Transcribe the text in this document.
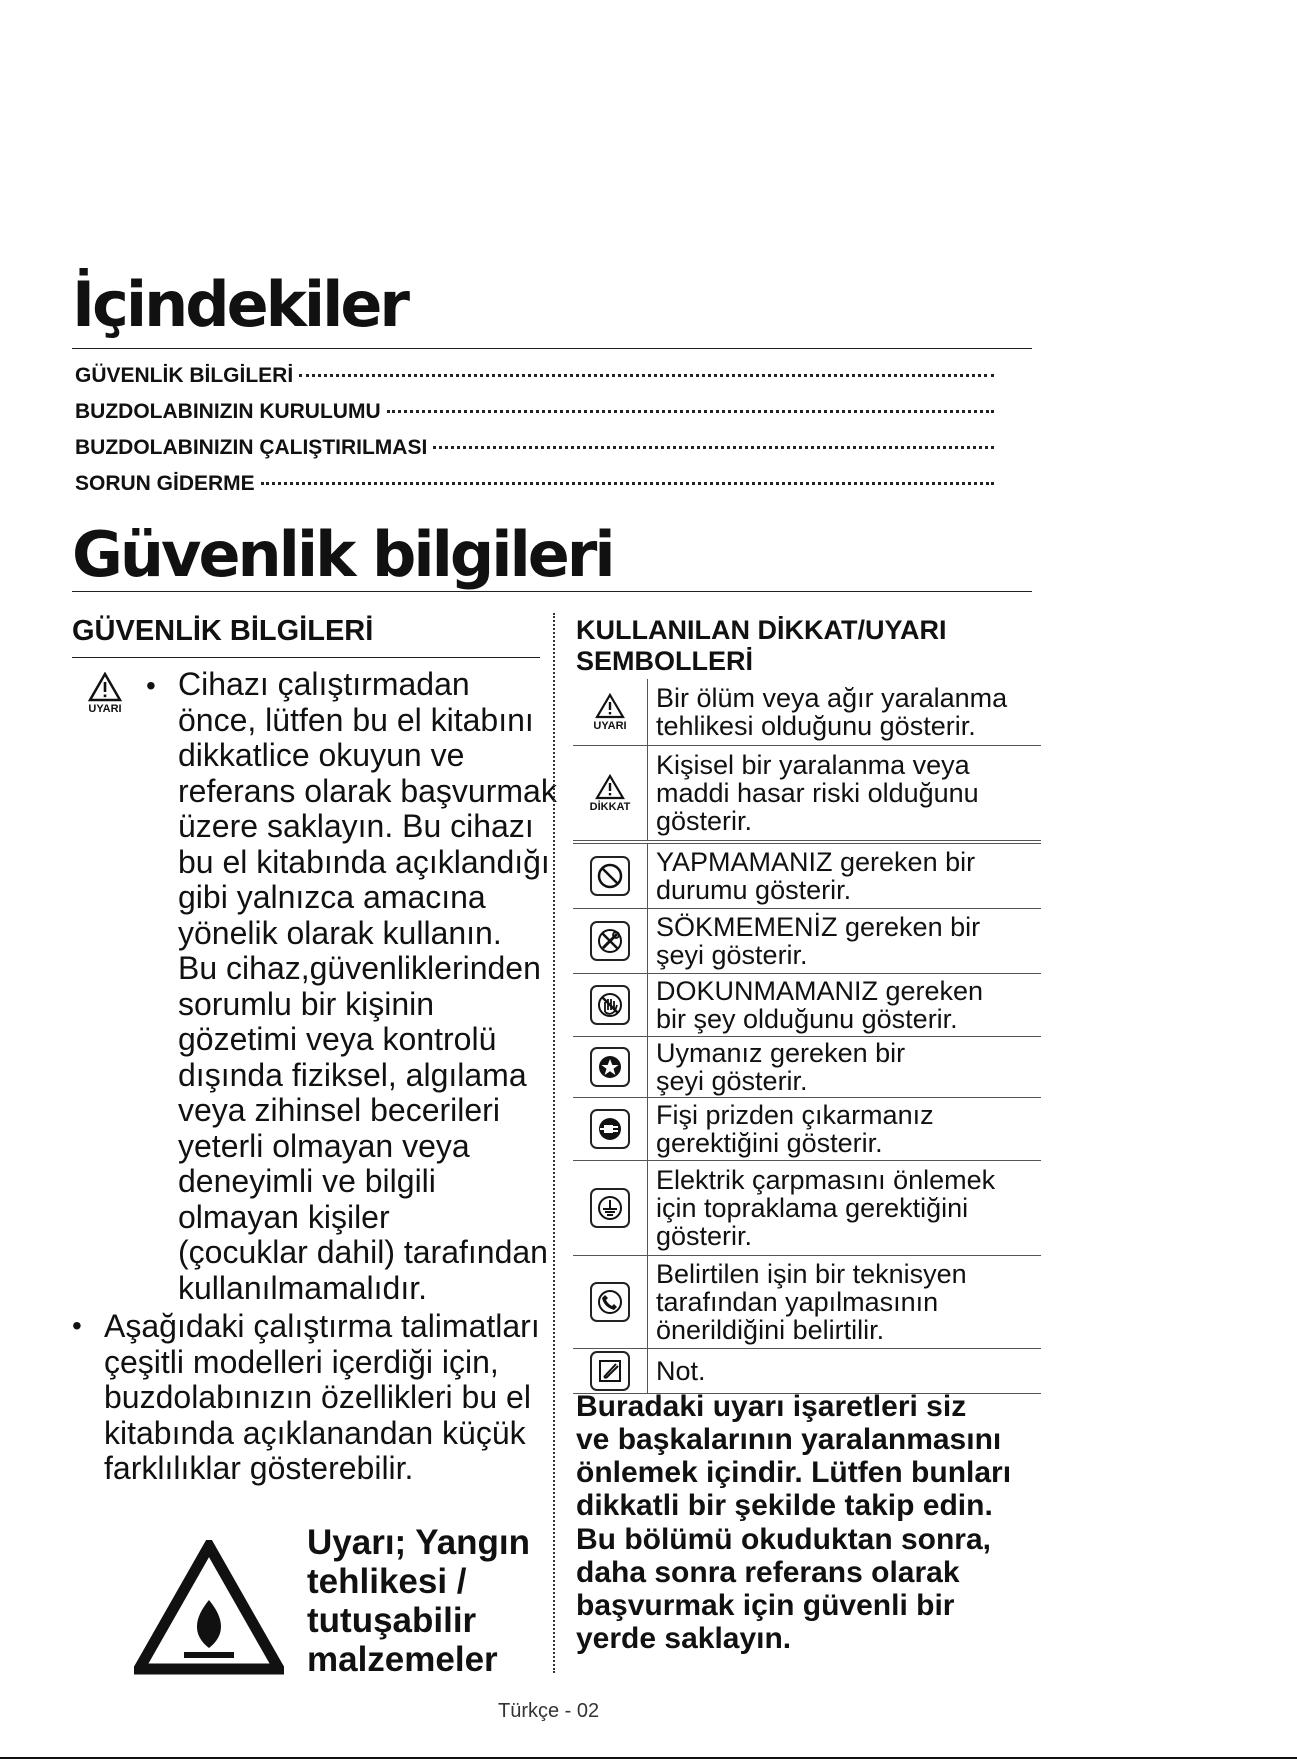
İçindekiler
GÜVENLİK BİLGİLERİ
BUZDOLABINIZIN KURULUMU
BUZDOLABINIZIN ÇALIŞTIRILMASI
SORUN GİDERME
Güvenlik bilgileri
GÜVENLİK BİLGİLERİ
UYARI
• Cihazı çalıştırmadan
önce, lütfen bu el kitabını
dikkatlice okuyun ve
referans olarak başvurmak
üzere saklayın. Bu cihazı
bu el kitabında açıklandığı
gibi yalnızca amacına
yönelik olarak kullanın.
Bu cihaz,güvenliklerinden
sorumlu bir kişinin
gözetimi veya kontrolü
dışında fiziksel, algılama
veya zihinsel becerileri
yeterli olmayan veya
deneyimli ve bilgili
olmayan kişiler
(çocuklar dahil) tarafından
kullanılmamalıdır.
• Aşağıdaki çalıştırma talimatları
çeşitli modelleri içerdiği için,
buzdolabınızın özellikleri bu el
kitabında açıklanandan küçük
farklılıklar gösterebilir.
Uyarı; Yangın
tehlikesi /
tutuşabilir
malzemeler
KULLANILAN DİKKAT/UYARI
SEMBOLLERİ
UYARI	Bir ölüm veya ağır yaralanma
tehlikesi olduğunu gösterir.

DİKKAT	Kişisel bir yaralanma veya
maddi hasar riski olduğunu
gösterir.

YAPMAMANIZ gereken bir
durumu gösterir.

SÖKMEMENİZ gereken bir
şeyi gösterir.

DOKUNMAMANIZ gereken
bir şey olduğunu gösterir.

Uymanız gereken bir
şeyi gösterir.

Fişi prizden çıkarmanız
gerektiğini gösterir.

Elektrik çarpmasını önlemek
için topraklama gerektiğini
gösterir.

Belirtilen işin bir teknisyen
tarafından yapılmasının
önerildiğini belirtilir.

Not.
Buradaki uyarı işaretleri siz
ve başkalarının yaralanmasını
önlemek içindir. Lütfen bunları
dikkatli bir şekilde takip edin.
Bu bölümü okuduktan sonra,
daha sonra referans olarak
başvurmak için güvenli bir
yerde saklayın.
Türkçe - 02
